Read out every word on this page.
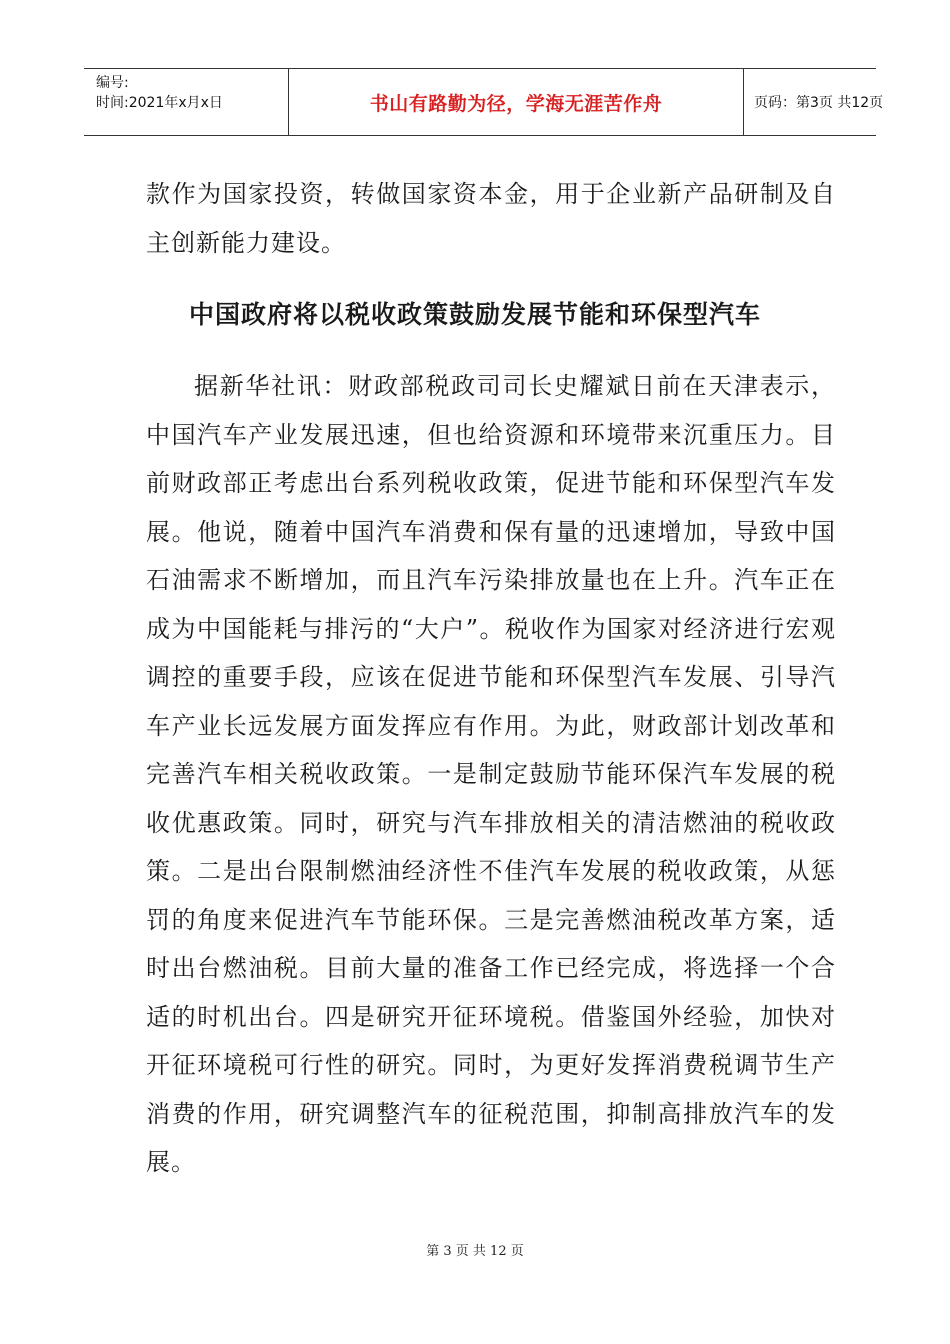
编号:
时间:2021年x月x日	书山有路勤为径，学海无涯苦作舟	页码：第3页 共12页

款作为国家投资，转做国家资本金，用于企业新产品研制及自主创新能力建设。

中国政府将以税收政策鼓励发展节能和环保型汽车

据新华社讯：财政部税政司司长史耀斌日前在天津表示，中国汽车产业发展迅速，但也给资源和环境带来沉重压力。目前财政部正考虑出台系列税收政策，促进节能和环保型汽车发展。他说，随着中国汽车消费和保有量的迅速增加，导致中国石油需求不断增加，而且汽车污染排放量也在上升。汽车正在成为中国能耗与排污的“大户”。税收作为国家对经济进行宏观调控的重要手段，应该在促进节能和环保型汽车发展、引导汽车产业长远发展方面发挥应有作用。为此，财政部计划改革和完善汽车相关税收政策。一是制定鼓励节能环保汽车发展的税收优惠政策。同时，研究与汽车排放相关的清洁燃油的税收政策。二是出台限制燃油经济性不佳汽车发展的税收政策，从惩罚的角度来促进汽车节能环保。三是完善燃油税改革方案，适时出台燃油税。目前大量的准备工作已经完成，将选择一个合适的时机出台。四是研究开征环境税。借鉴国外经验，加快对开征环境税可行性的研究。同时，为更好发挥消费税调节生产消费的作用，研究调整汽车的征税范围，抑制高排放汽车的发展。

第 3 页 共 12 页
